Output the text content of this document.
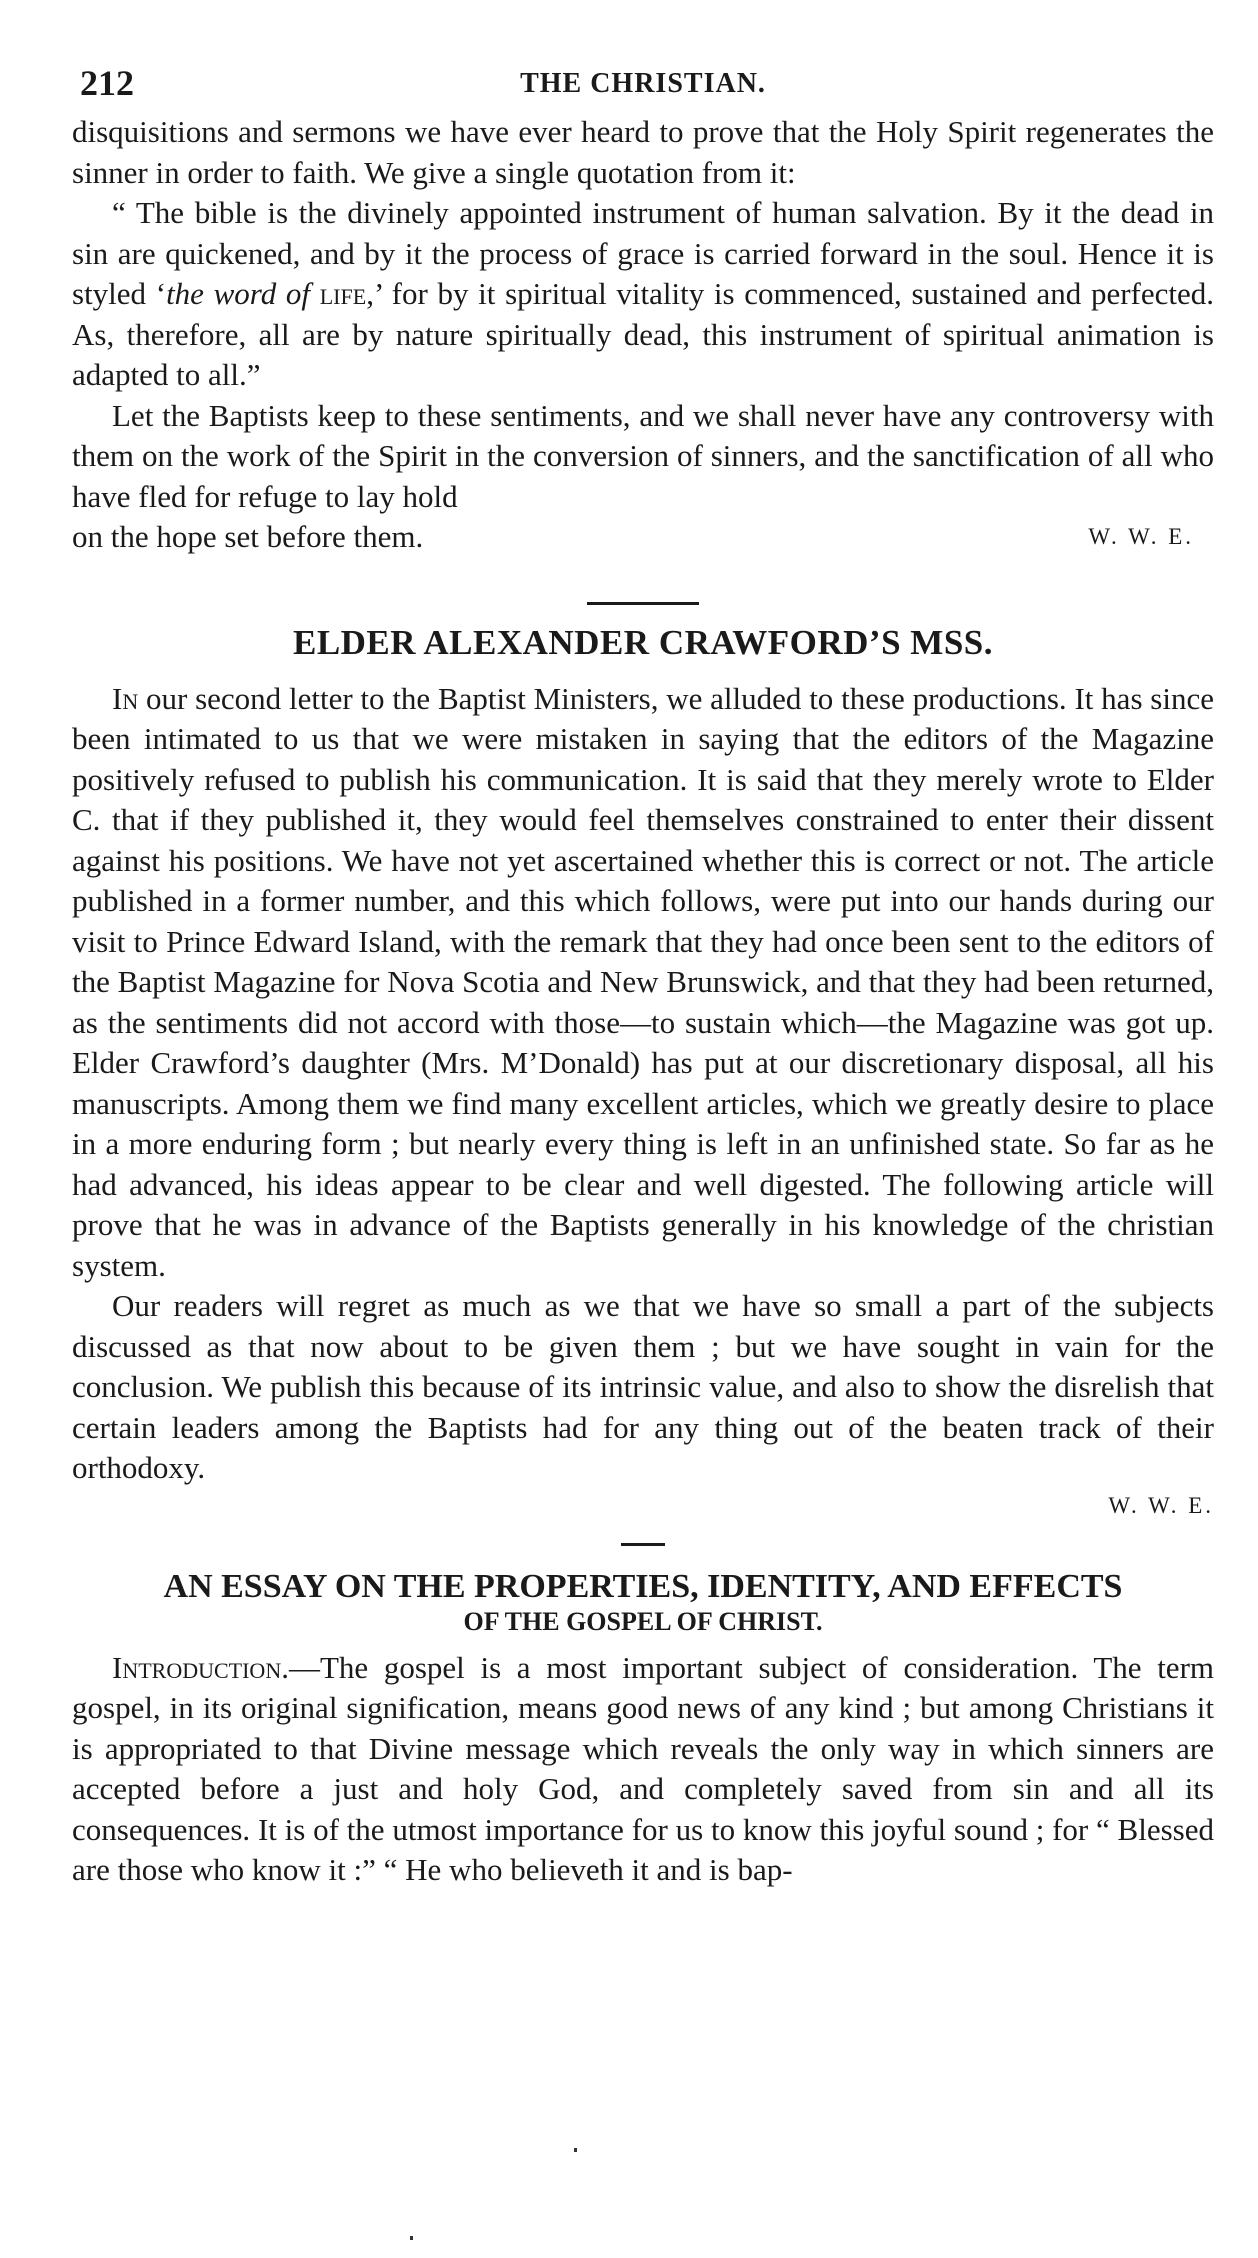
212	THE CHRISTIAN.

disquisitions and sermons we have ever heard to prove that the Holy Spirit regenerates the sinner in order to faith. We give a single quotation from it:

“ The bible is the divinely appointed instrument of human salvation. By it the dead in sin are quickened, and by it the process of grace is carried forward in the soul. Hence it is styled ‘the word of life,’ for by it spiritual vitality is commenced, sustained and perfected. As, therefore, all are by nature spiritually dead, this instrument of spiritual animation is adapted to all.”

Let the Baptists keep to these sentiments, and we shall never have any controversy with them on the work of the Spirit in the conversion of sinners, and the sanctification of all who have fled for refuge to lay hold

on the hope set before them.	W. W. E.

ELDER ALEXANDER CRAWFORD’S MSS.

In our second letter to the Baptist Ministers, we alluded to these productions. It has since been intimated to us that we were mistaken in saying that the editors of the Magazine positively refused to publish his communication. It is said that they merely wrote to Elder C. that if they published it, they would feel themselves constrained to enter their dissent against his positions. We have not yet ascertained whether this is correct or not. The article published in a former number, and this which follows, were put into our hands during our visit to Prince Edward Island, with the remark that they had once been sent to the editors of the Baptist Magazine for Nova Scotia and New Brunswick, and that they had been returned, as the sentiments did not accord with those—to sustain which—the Magazine was got up. Elder Crawford’s daughter (Mrs. M’Donald) has put at our discretionary disposal, all his manuscripts. Among them we find many excellent articles, which we greatly desire to place in a more enduring form ; but nearly every thing is left in an unfinished state. So far as he had advanced, his ideas appear to be clear and well digested. The following article will prove that he was in advance of the Baptists generally in his knowledge of the christian system.

Our readers will regret as much as we that we have so small a part of the subjects discussed as that now about to be given them ; but we have sought in vain for the conclusion. We publish this because of its intrinsic value, and also to show the disrelish that certain leaders among the Baptists had for any thing out of the beaten track of their orthodoxy.

W. W. E.

AN ESSAY ON THE PROPERTIES, IDENTITY, AND EFFECTS
OF THE GOSPEL OF CHRIST.

Introduction.—The gospel is a most important subject of consideration. The term gospel, in its original signification, means good news of any kind ; but among Christians it is appropriated to that Divine message which reveals the only way in which sinners are accepted before a just and holy God, and completely saved from sin and all its consequences. It is of the utmost importance for us to know this joyful sound ; for “ Blessed are those who know it :” “ He who believeth it and is bap-
